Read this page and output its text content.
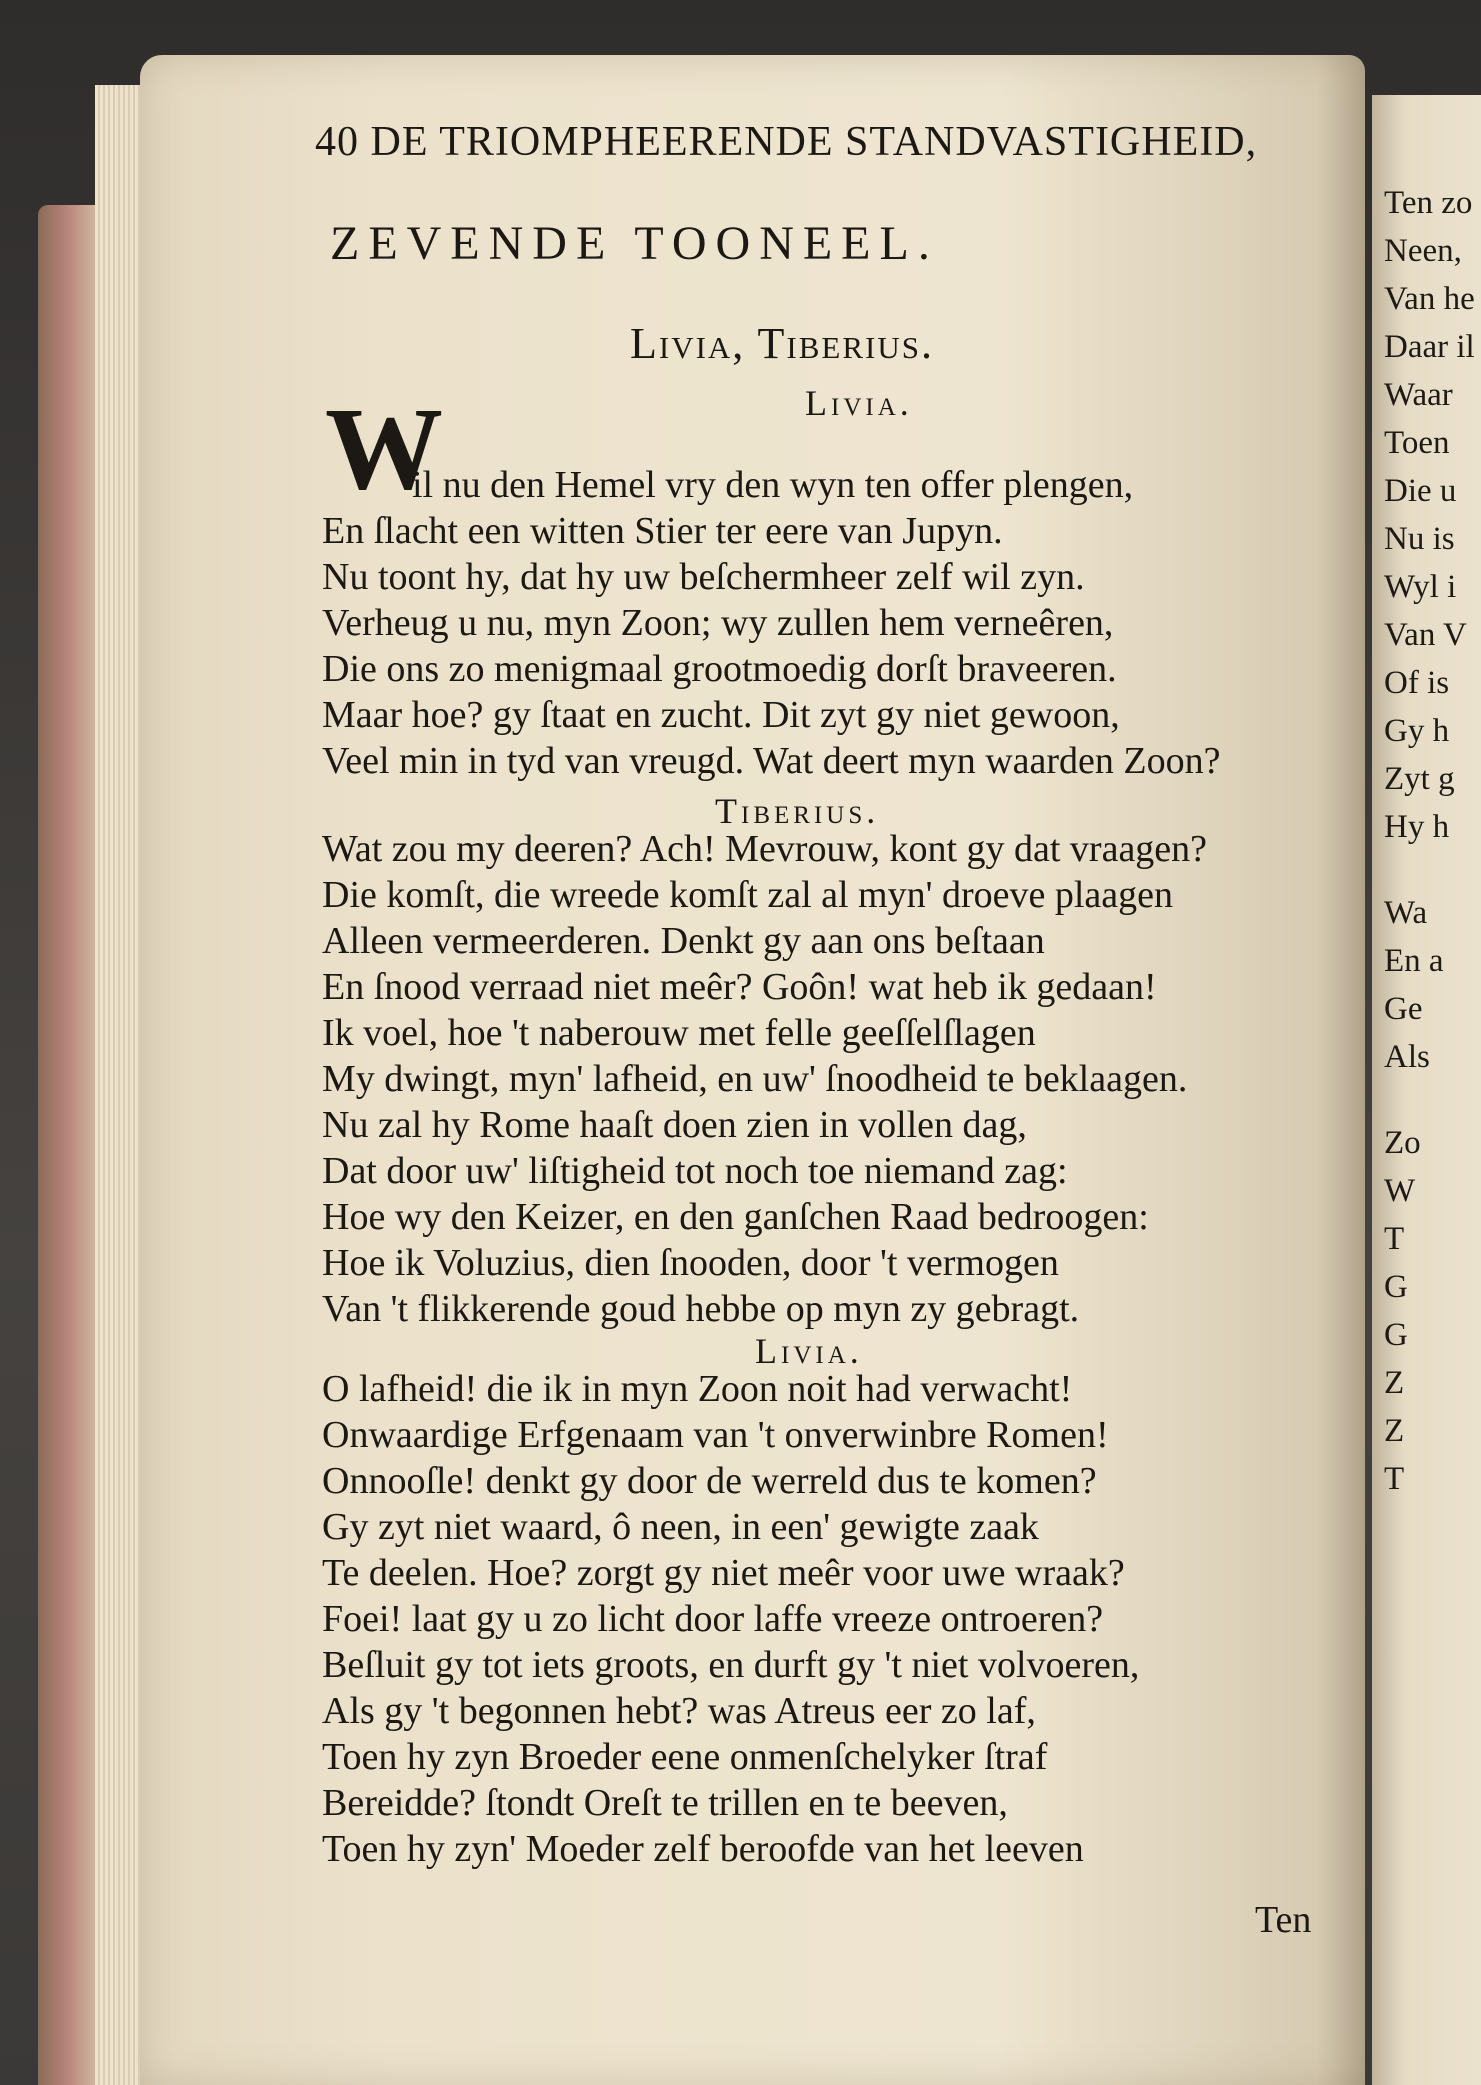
Ten zo
Neen,
Van he
Daar il
Waar
Toen
Die u
Nu is
Wyl i
Van V
Of is
Gy h
Zyt g
Hy h
Wa
En a
Ge
Als
Zo
W
T
G
G
Z
Z
T
40 DE TRIOMPHEERENDE STANDVASTIGHEID,
ZEVENDE TOONEEL.
Livia, Tiberius.
Livia.
W
il nu den Hemel vry den wyn ten offer plengen,
En ſlacht een witten Stier ter eere van Jupyn.
Nu toont hy, dat hy uw beſchermheer zelf wil zyn.
Verheug u nu, myn Zoon; wy zullen hem verneêren,
Die ons zo menigmaal grootmoedig dorſt braveeren.
Maar hoe? gy ſtaat en zucht. Dit zyt gy niet gewoon,
Veel min in tyd van vreugd. Wat deert myn waarden Zoon?
Tiberius.
Wat zou my deeren? Ach! Mevrouw, kont gy dat vraagen?
Die komſt, die wreede komſt zal al myn' droeve plaagen
Alleen vermeerderen. Denkt gy aan ons beſtaan
En ſnood verraad niet meêr? Goôn! wat heb ik gedaan!
Ik voel, hoe 't naberouw met felle geeſſelſlagen
My dwingt, myn' lafheid, en uw' ſnoodheid te beklaagen.
Nu zal hy Rome haaſt doen zien in vollen dag,
Dat door uw' liſtigheid tot noch toe niemand zag:
Hoe wy den Keizer, en den ganſchen Raad bedroogen:
Hoe ik Voluzius, dien ſnooden, door 't vermogen
Van 't flikkerende goud hebbe op myn zy gebragt.
Livia.
O lafheid! die ik in myn Zoon noit had verwacht!
Onwaardige Erfgenaam van 't onverwinbre Romen!
Onnooſle! denkt gy door de werreld dus te komen?
Gy zyt niet waard, ô neen, in een' gewigte zaak
Te deelen. Hoe? zorgt gy niet meêr voor uwe wraak?
Foei! laat gy u zo licht door laffe vreeze ontroeren?
Beſluit gy tot iets groots, en durft gy 't niet volvoeren,
Als gy 't begonnen hebt? was Atreus eer zo laf,
Toen hy zyn Broeder eene onmenſchelyker ſtraf
Bereidde? ſtondt Oreſt te trillen en te beeven,
Toen hy zyn' Moeder zelf beroofde van het leeven
Ten
